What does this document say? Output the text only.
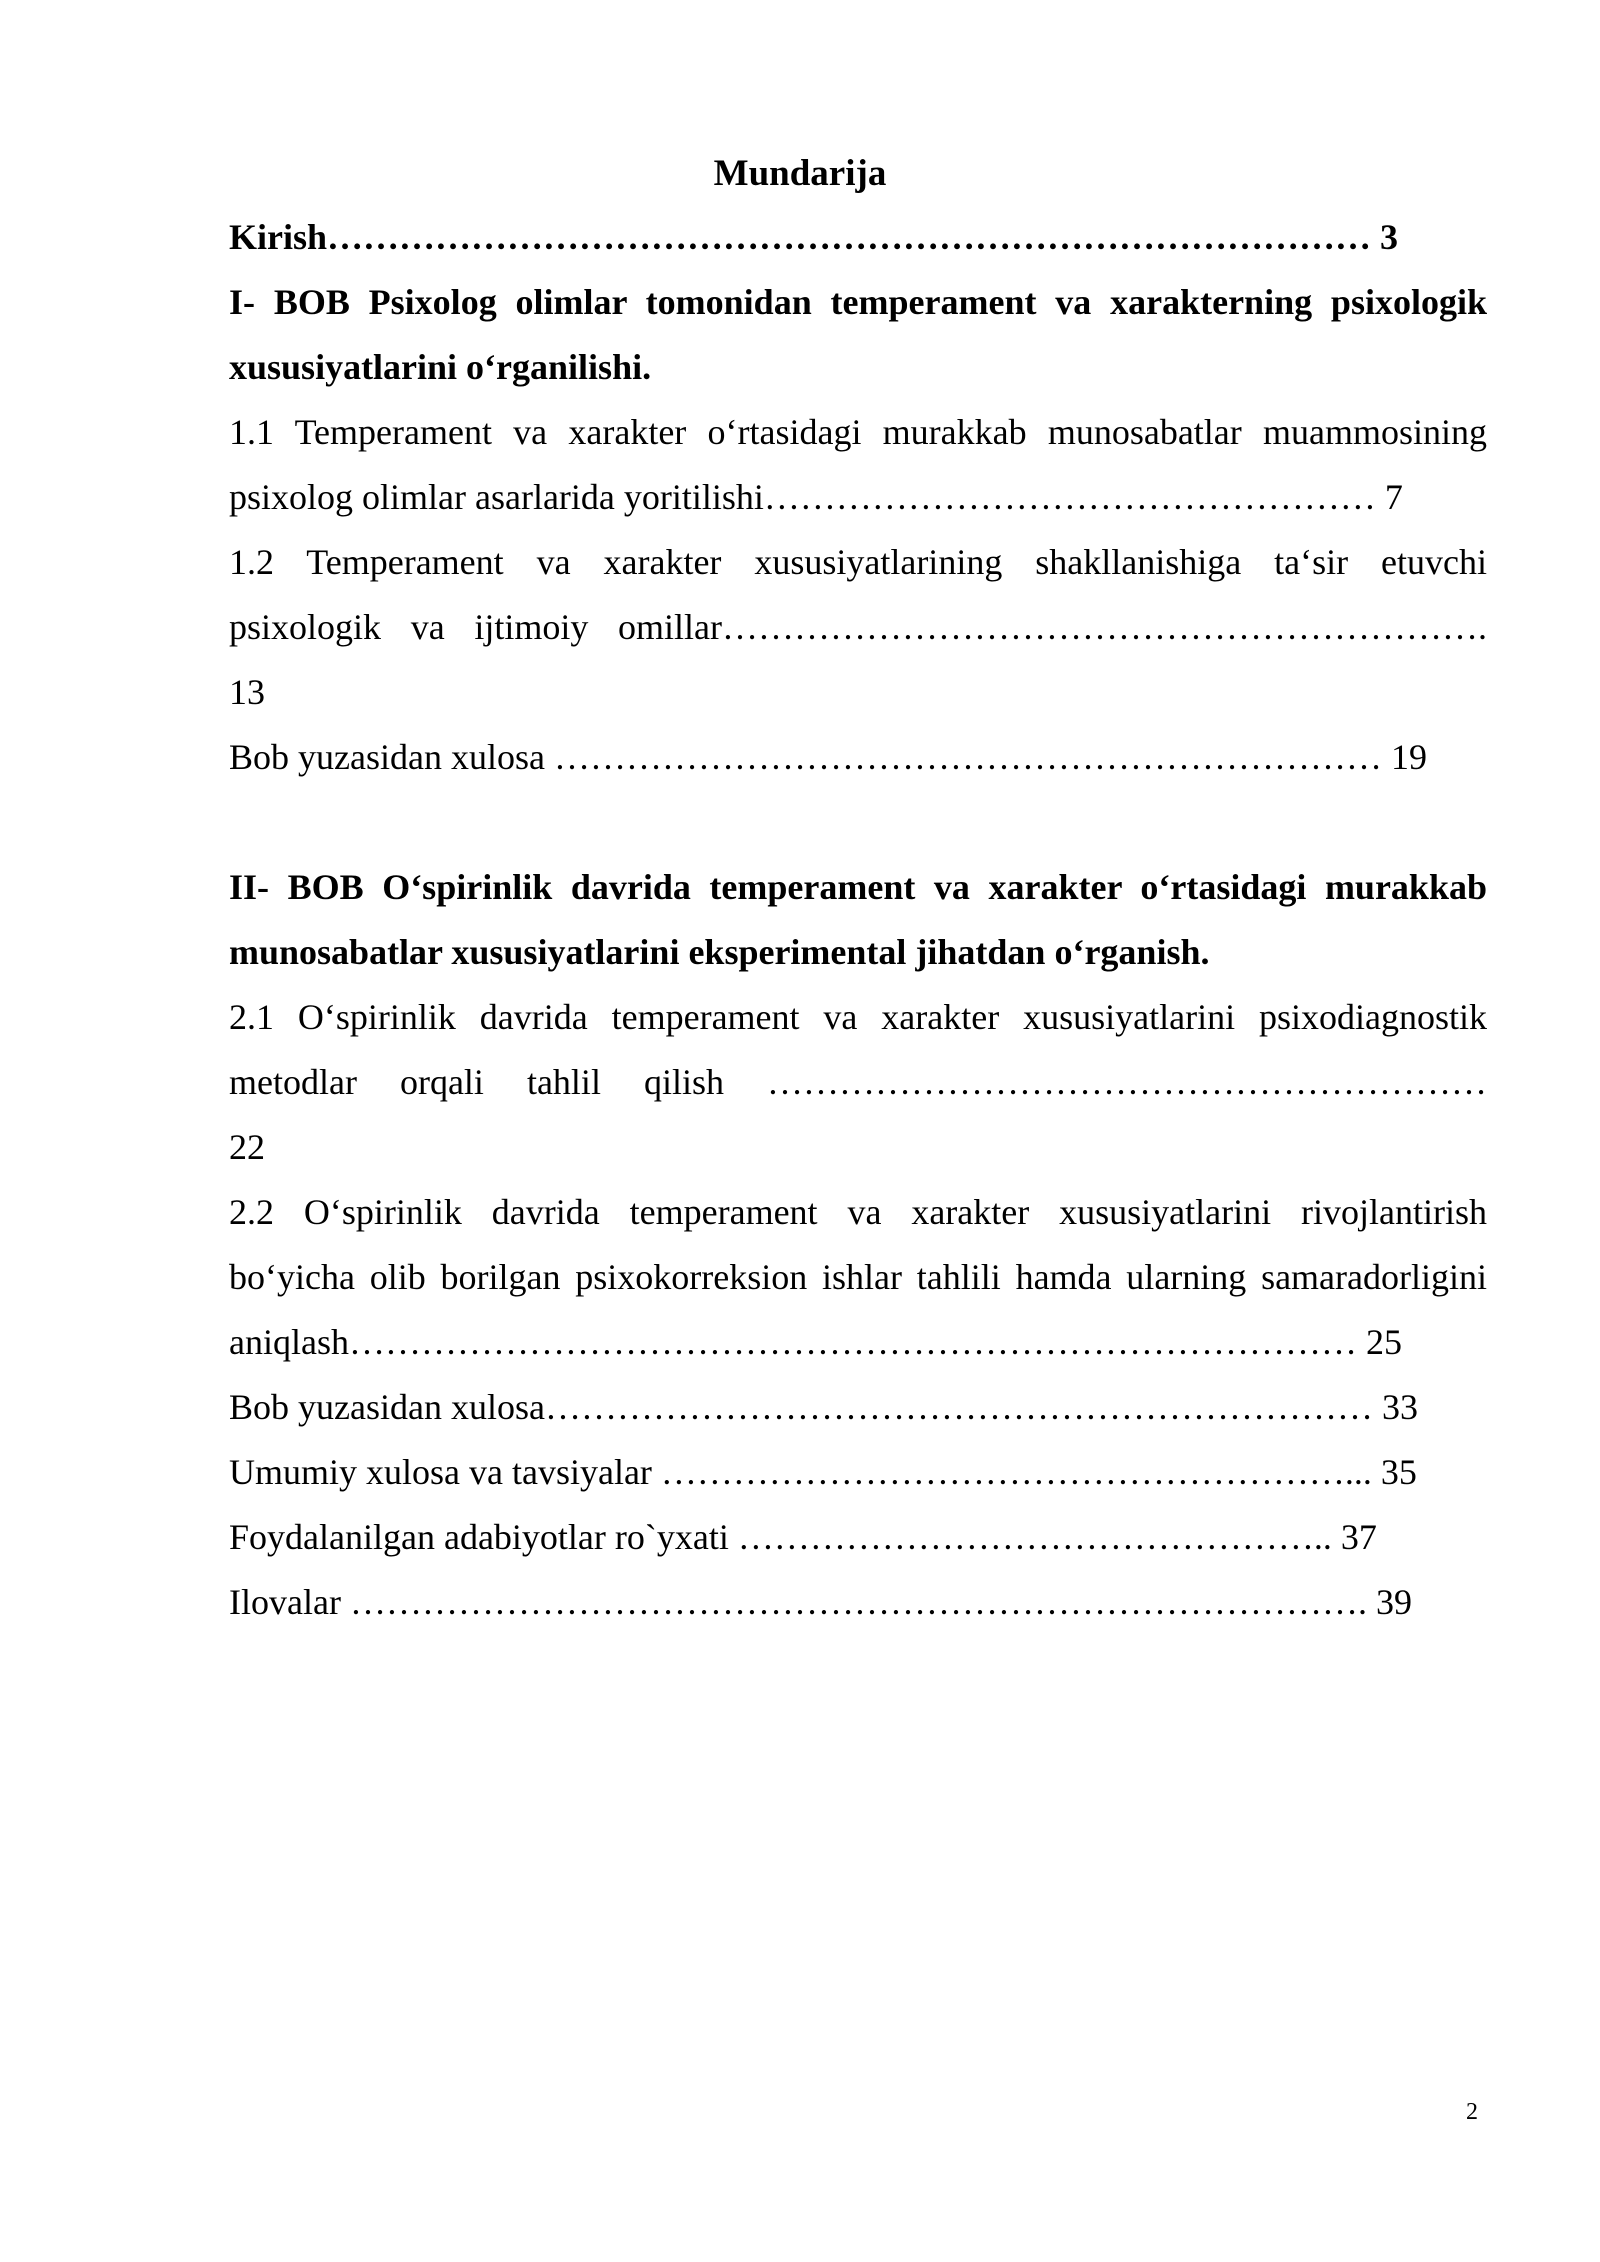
Mundarija
Kirish…………………………………………………………………………… 3
I- BOB Psixolog olimlar tomonidan temperament va xarakterning psixologik
xususiyatlarini o‘rganilishi.
1.1 Temperament va xarakter o‘rtasidagi murakkab munosabatlar muammosining
psixolog olimlar asarlarida yoritilishi…………………………………………… 7
1.2 Temperament va xarakter xususiyatlarining shakllanishiga ta‘sir etuvchi
psixologik va ijtimoiy omillar……………………………………………………….
13
Bob yuzasidan xulosa …………………………………………………………… 19
II- BOB O‘spirinlik davrida temperament va xarakter o‘rtasidagi murakkab
munosabatlar xususiyatlarini eksperimental jihatdan o‘rganish.
2.1 O‘spirinlik davrida temperament va xarakter xususiyatlarini psixodiagnostik
metodlar orqali tahlil qilish ……………………………………………………
22
2.2 O‘spirinlik davrida temperament va xarakter xususiyatlarini rivojlantirish
bo‘yicha olib borilgan psixokorreksion ishlar tahlili hamda ularning samaradorligini
aniqlash………………………………………………………………………… 25
Bob yuzasidan xulosa…………………………………………………………… 33
Umumiy xulosa va tavsiyalar …………………………………………………... 35
Foydalanilgan adabiyotlar ro`yxati ………………………………………….. 37
Ilovalar …………………………………………………………………………. 39
2
